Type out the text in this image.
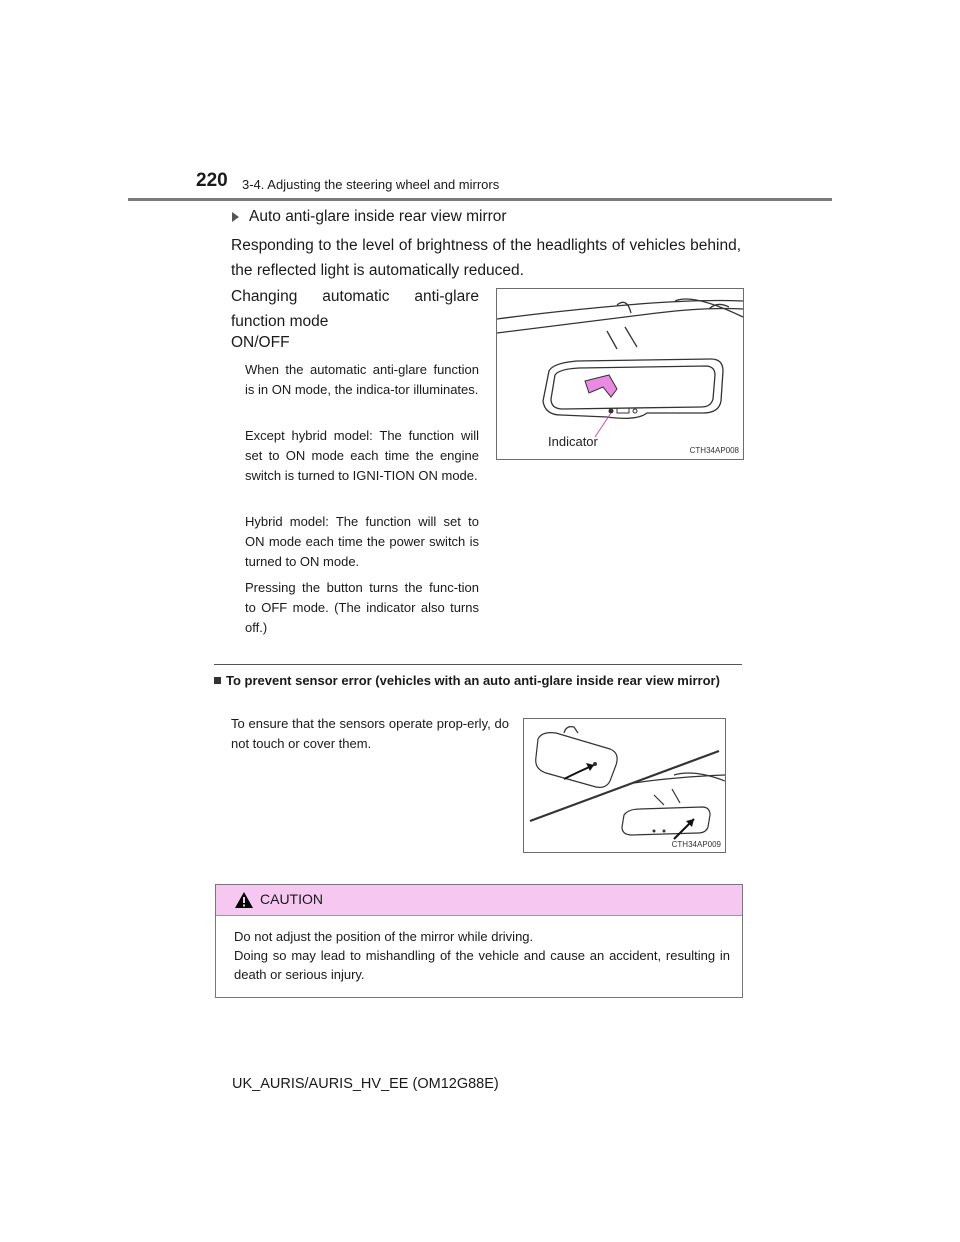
220 3-4. Adjusting the steering wheel and mirrors
Auto anti-glare inside rear view mirror
Responding to the level of brightness of the headlights of vehicles behind, the reflected light is automatically reduced.
Changing automatic anti-glare function mode
ON/OFF
When the automatic anti-glare function is in ON mode, the indica-tor illuminates.
Except hybrid model: The function will set to ON mode each time the engine switch is turned to IGNI-TION ON mode.
Hybrid model: The function will set to ON mode each time the power switch is turned to ON mode.
Pressing the button turns the func-tion to OFF mode. (The indicator also turns off.)
Indicator
CTH34AP008
To prevent sensor error (vehicles with an auto anti-glare inside rear view mirror)
To ensure that the sensors operate prop-erly, do not touch or cover them.
CTH34AP009
CAUTION

Do not adjust the position of the mirror while driving.

Doing so may lead to mishandling of the vehicle and cause an accident, resulting in death or serious injury.

UK_AURIS/AURIS_HV_EE (OM12G88E)
